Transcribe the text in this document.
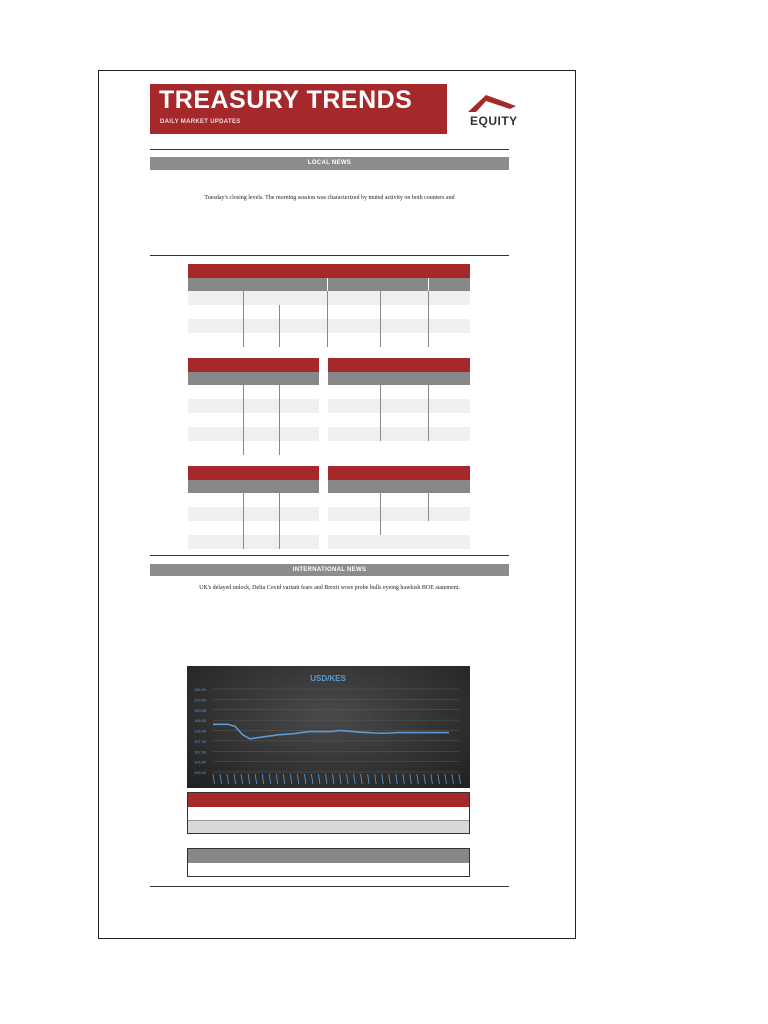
TREASURY TRENDS
DAILY MARKET UPDATES	EQUITY
LOCAL NEWS
Tuesday's closing levels. The morning session was characterized by muted activity on both counters and
INTERNATIONAL NEWS
UK's delayed unlock, Delta Covid variant fears and Brexit woes probe bulls eyeing hawkish BOE statement.
USD/KES
110.00
109.50
109.00
108.50
108.00
107.50
107.00
106.50
106.00
